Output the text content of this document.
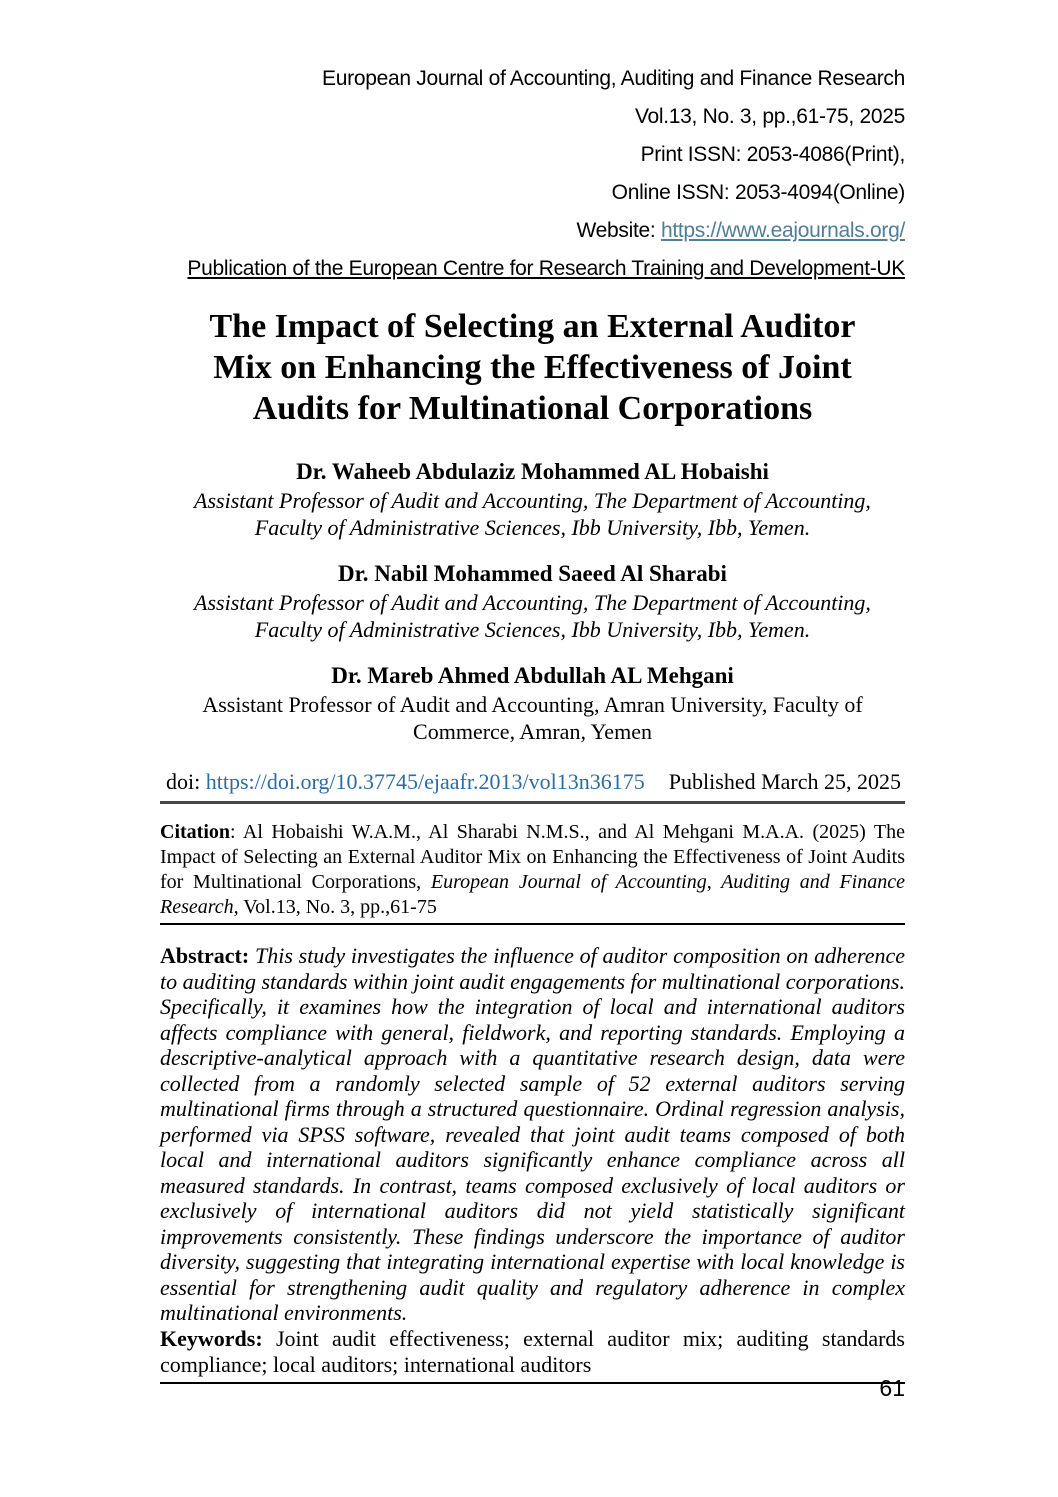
European Journal of Accounting, Auditing and Finance Research
Vol.13, No. 3, pp.,61-75, 2025
Print ISSN: 2053-4086(Print),
Online ISSN: 2053-4094(Online)
Website: https://www.eajournals.org/
Publication of the European Centre for Research Training and Development-UK
The Impact of Selecting an External Auditor
Mix on Enhancing the Effectiveness of Joint
Audits for Multinational Corporations
Dr. Waheeb Abdulaziz Mohammed AL Hobaishi
Assistant Professor of Audit and Accounting, The Department of Accounting, Faculty of Administrative Sciences, Ibb University, Ibb, Yemen.
Dr. Nabil Mohammed Saeed Al Sharabi
Assistant Professor of Audit and Accounting, The Department of Accounting, Faculty of Administrative Sciences, Ibb University, Ibb, Yemen.
Dr. Mareb Ahmed Abdullah AL Mehgani
Assistant Professor of Audit and Accounting, Amran University, Faculty of Commerce, Amran, Yemen
doi: https://doi.org/10.37745/ejaafr.2013/vol13n36175 Published March 25, 2025
Citation: Al Hobaishi W.A.M., Al Sharabi N.M.S., and Al Mehgani M.A.A. (2025) The Impact of Selecting an External Auditor Mix on Enhancing the Effectiveness of Joint Audits for Multinational Corporations, European Journal of Accounting, Auditing and Finance Research, Vol.13, No. 3, pp.,61-75
Abstract: This study investigates the influence of auditor composition on adherence to auditing standards within joint audit engagements for multinational corporations. Specifically, it examines how the integration of local and international auditors affects compliance with general, fieldwork, and reporting standards. Employing a descriptive-analytical approach with a quantitative research design, data were collected from a randomly selected sample of 52 external auditors serving multinational firms through a structured questionnaire. Ordinal regression analysis, performed via SPSS software, revealed that joint audit teams composed of both local and international auditors significantly enhance compliance across all measured standards. In contrast, teams composed exclusively of local auditors or exclusively of international auditors did not yield statistically significant improvements consistently. These findings underscore the importance of auditor diversity, suggesting that integrating international expertise with local knowledge is essential for strengthening audit quality and regulatory adherence in complex multinational environments.
Keywords: Joint audit effectiveness; external auditor mix; auditing standards compliance; local auditors; international auditors
61
